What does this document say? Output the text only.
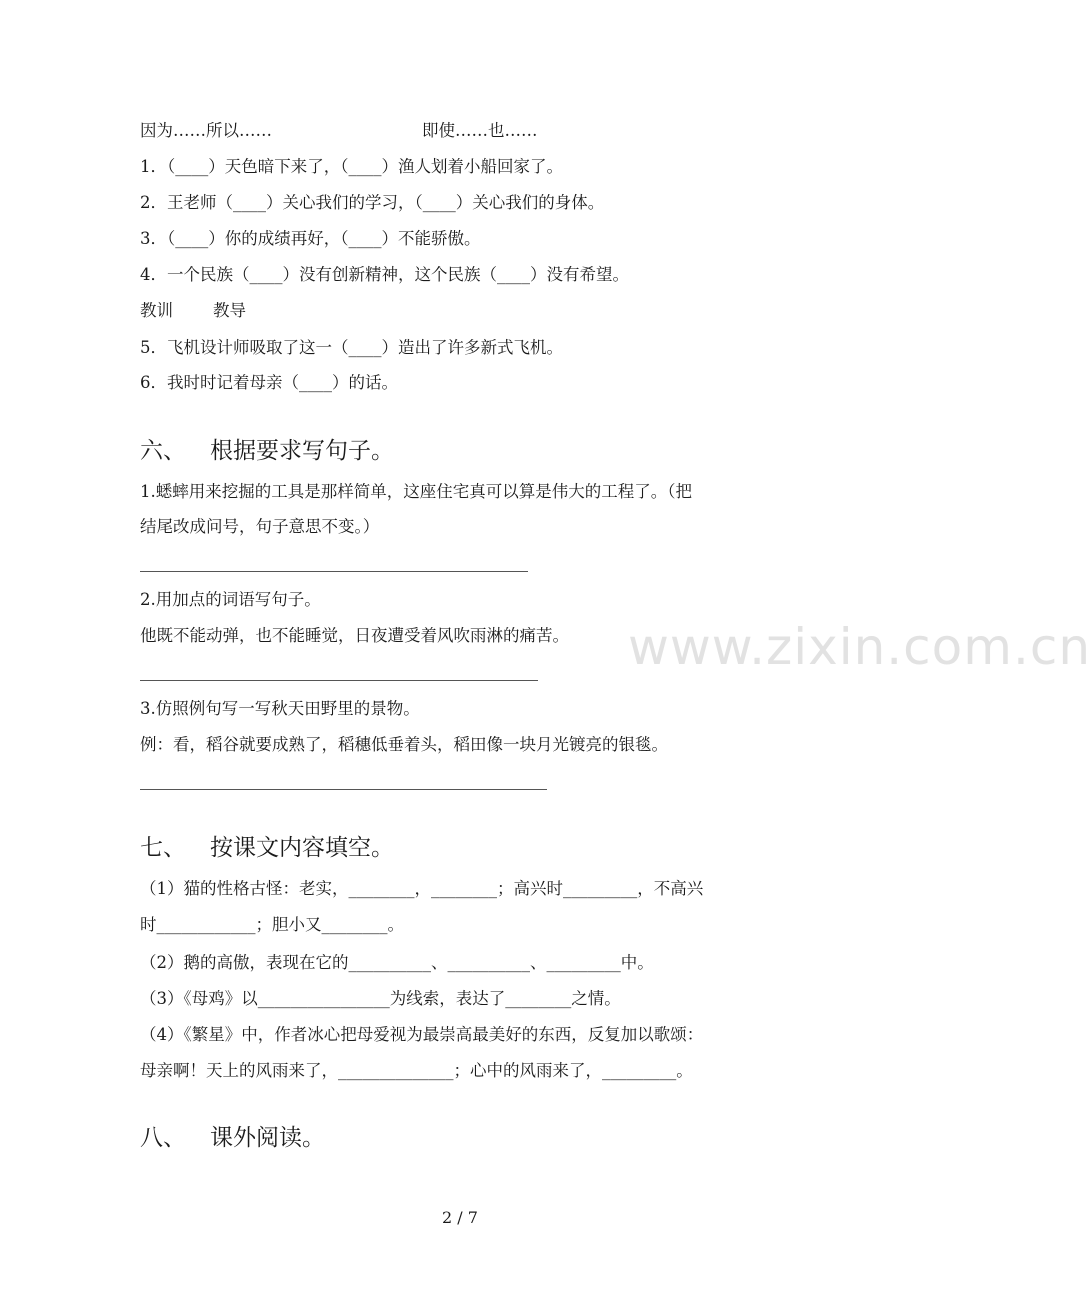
因为……所以……	即使……也……
1．（____）天色暗下来了，（____）渔人划着小船回家了。
2．王老师（____）关心我们的学习，（____）关心我们的身体。
3．（____）你的成绩再好，（____）不能骄傲。
4．一个民族（____）没有创新精神，这个民族（____）没有希望。
教训 教导
5．飞机设计师吸取了这一（____）造出了许多新式飞机。
6．我时时记着母亲（____）的话。
六、 根据要求写句子。
1.蟋蟀用来挖掘的工具是那样简单，这座住宅真可以算是伟大的工程了。（把
结尾改成问号，句子意思不变。）
2.用加点的词语写句子。
他既不能动弹，也不能睡觉，日夜遭受着风吹雨淋的痛苦。
3.仿照例句写一写秋天田野里的景物。
例：看，稻谷就要成熟了，稻穗低垂着头，稻田像一块月光镀亮的银毯。
七、 按课文内容填空。
（1）猫的性格古怪：老实，________，________；高兴时_________，不高兴
时____________；胆小又________。
（2）鹅的高傲，表现在它的__________、__________、_________中。
（3）《母鸡》以________________为线索，表达了________之情。
（4）《繁星》中，作者冰心把母爱视为最崇高最美好的东西，反复加以歌颂：
母亲啊！天上的风雨来了，______________；心中的风雨来了，_________。
八、 课外阅读。
www.zixin.com.cn
2 / 7
